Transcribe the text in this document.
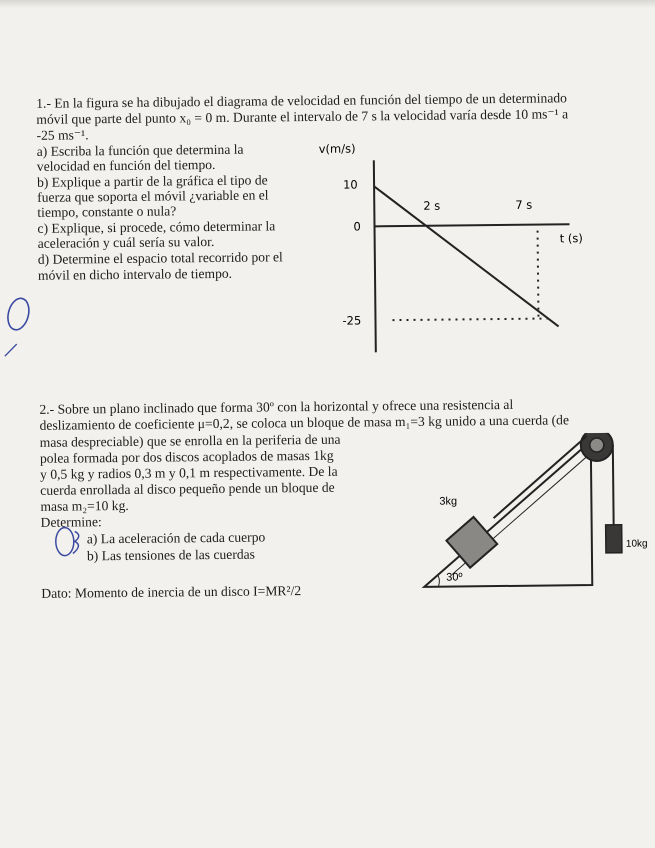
1.- En la figura se ha dibujado el diagrama de velocidad en función del tiempo de un determinado
móvil que parte del punto x₀ = 0 m. Durante el intervalo de 7 s la velocidad varía desde 10 ms⁻¹ a
-25 ms⁻¹.
a) Escriba la función que determina la
velocidad en función del tiempo.
b) Explique a partir de la gráfica el tipo de
fuerza que soporta el móvil ¿variable en el
tiempo, constante o nula?
c) Explique, si procede, cómo determinar la
aceleración y cuál sería su valor.
d) Determine el espacio total recorrido por el
móvil en dicho intervalo de tiempo.
v(m/s)
10
0
-25
2 s	7 s
t (s)
2.- Sobre un plano inclinado que forma 30º con la horizontal y ofrece una resistencia al
deslizamiento de coeficiente μ=0,2, se coloca un bloque de masa m₁=3 kg unido a una cuerda (de
masa despreciable) que se enrolla en la periferia de una
polea formada por dos discos acoplados de masas 1kg
y 0,5 kg y radios 0,3 m y 0,1 m respectivamente. De la
cuerda enrollada al disco pequeño pende un bloque de
masa m₂=10 kg.
Determine:
a) La aceleración de cada cuerpo
b) Las tensiones de las cuerdas
Dato: Momento de inercia de un disco I=MR²/2
3kg
10kg
30º
